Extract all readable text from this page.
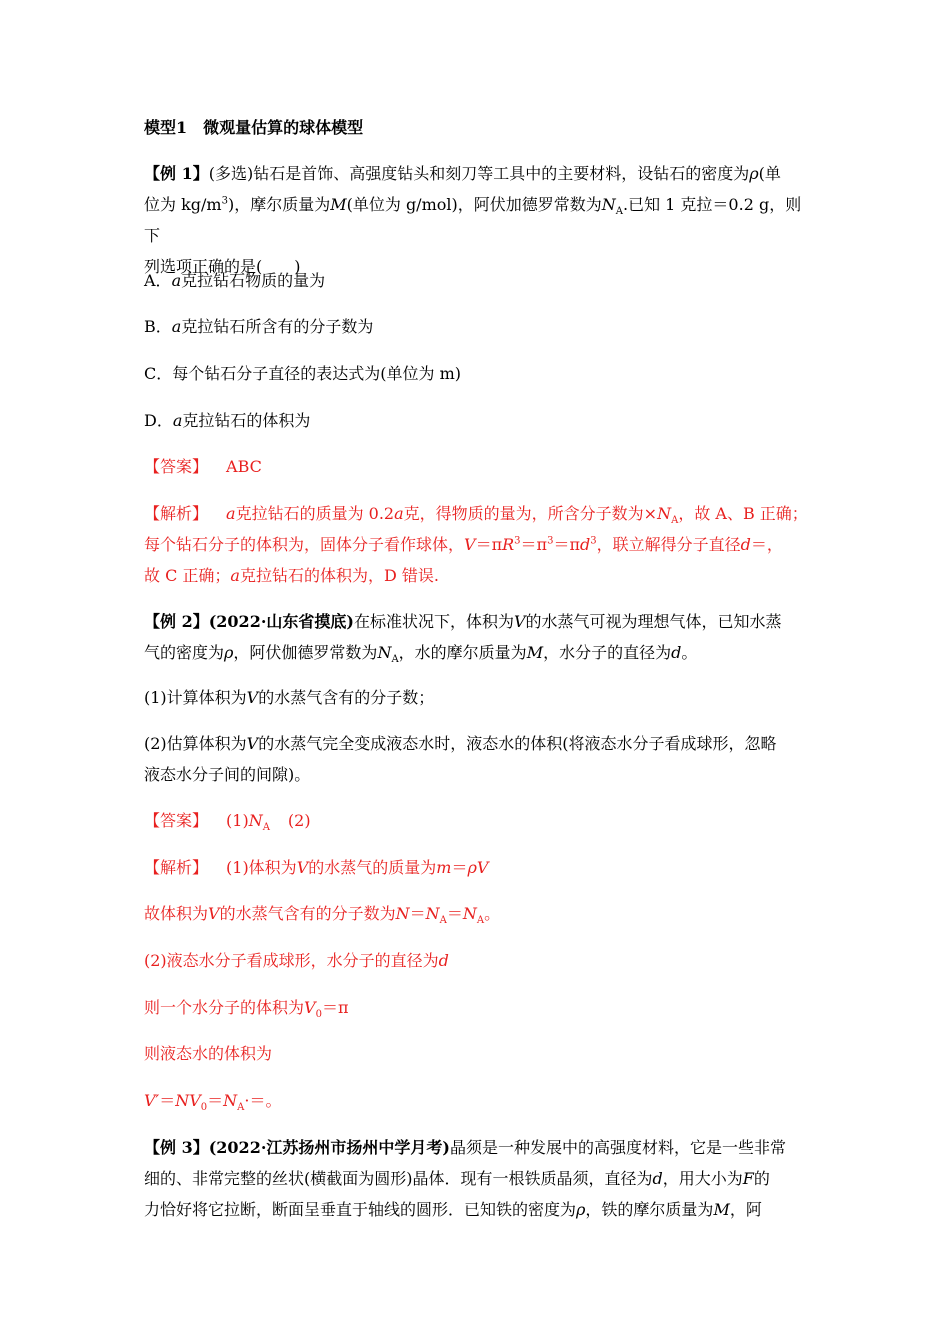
模型1　微观量估算的球体模型

【例 1】(多选)钻石是首饰、高强度钻头和刻刀等工具中的主要材料，设钻石的密度为ρ(单
位为 $kg/m^3$)，摩尔质量为M(单位为 g/mol)，阿伏加德罗常数为$N_A$.已知 1 克拉＝0.2 g，则下
列选项正确的是(　　)

A．a克拉钻石物质的量为

B．a克拉钻石所含有的分子数为

C．每个钻石分子直径的表达式为(单位为 m)

D．a克拉钻石的体积为

【答案】 ABC

【解析】 a克拉钻石的质量为 0.2a克，得物质的量为，所含分子数为$\times N_A$，故 A、B 正确；
每个钻石分子的体积为，固体分子看作球体，$V=\pi R^3=\pi^3=\pi d^3$，联立解得分子直径d＝，
故 C 正确；a克拉钻石的体积为，D 错误.

【例 2】(2022·山东省摸底)在标准状况下，体积为V的水蒸气可视为理想气体，已知水蒸
气的密度为ρ，阿伏伽德罗常数为$N_A$，水的摩尔质量为M，水分子的直径为d。

(1)计算体积为V的水蒸气含有的分子数；

(2)估算体积为V的水蒸气完全变成液态水时，液态水的体积(将液态水分子看成球形，忽略
液态水分子间的间隙)。

【答案】 $(1)N_A$ (2)

【解析】 (1)体积为V的水蒸气的质量为m＝ρV

故体积为V的水蒸气含有的分子数为$N=N_A=N_A$。

(2)液态水分子看成球形，水分子的直径为d

则一个水分子的体积为$V_0=\pi$

则液态水的体积为

$V'=NV_0=N_A\cdot=$。

【例 3】(2022·江苏扬州市扬州中学月考)晶须是一种发展中的高强度材料，它是一些非常
细的、非常完整的丝状(横截面为圆形)晶体．现有一根铁质晶须，直径为d，用大小为F的
力恰好将它拉断，断面呈垂直于轴线的圆形．已知铁的密度为ρ，铁的摩尔质量为M，阿
